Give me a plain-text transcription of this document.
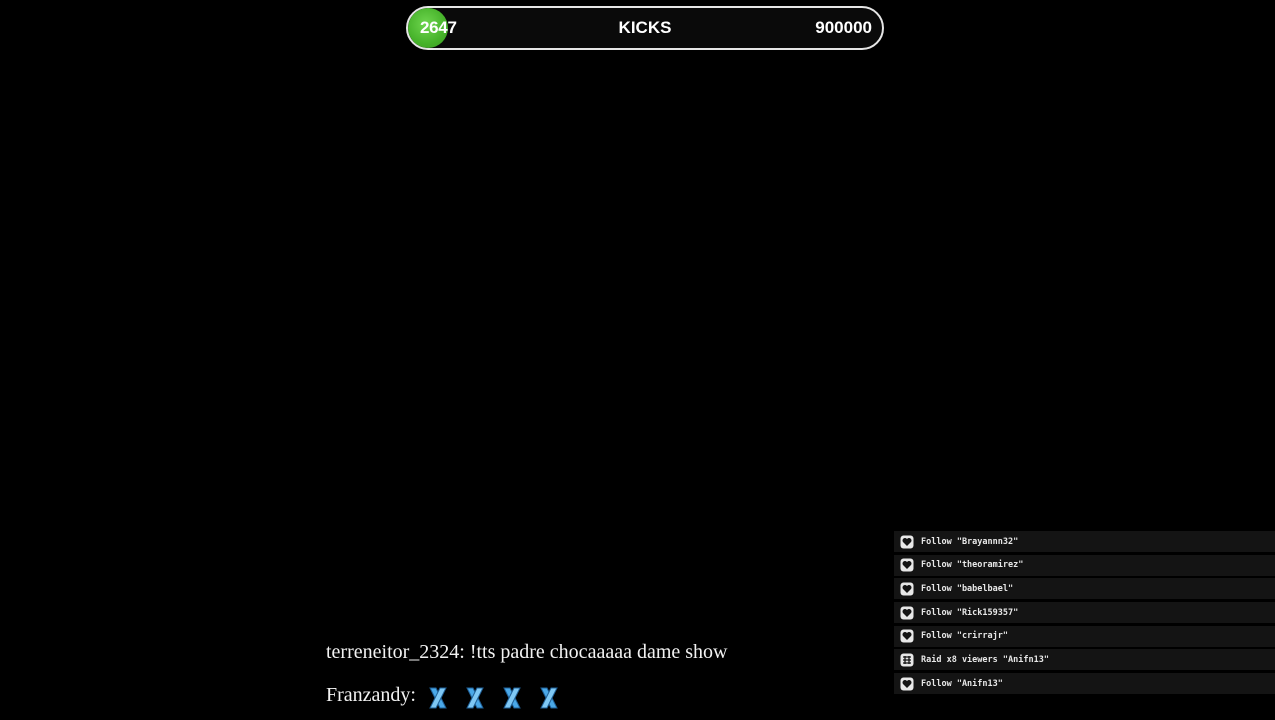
2647	KICKS	900000
terreneitor_2324: !tts padre chocaaaaa dame show
Franzandy:
Follow "Brayannn32"
Follow "theoramirez"
Follow "babelbael"
Follow "Rick159357"
Follow "crirrajr"
Raid x8 viewers "Anifn13"
Follow "Anifn13"
